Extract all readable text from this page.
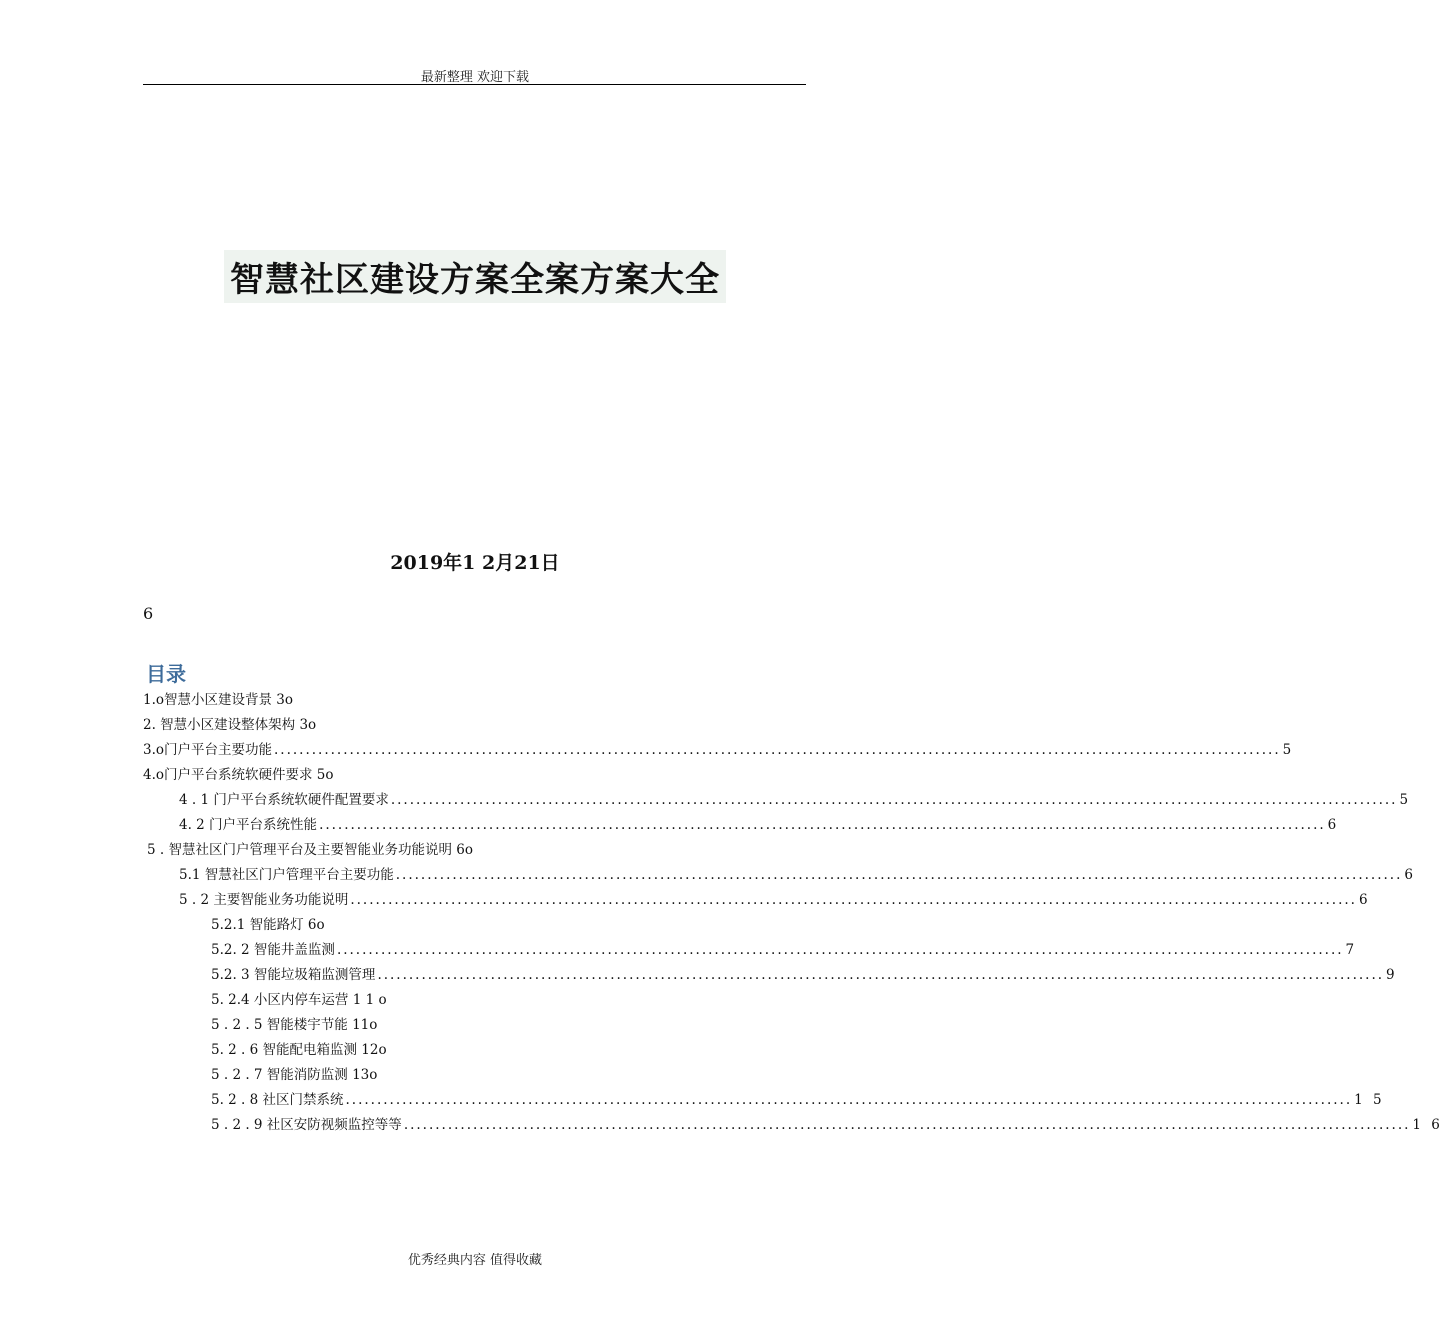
最新整理 欢迎下载
智慧社区建设方案全案方案大全
2019年1 2月21日
6
目录
1.ο智慧小区建设背景 3ο
2. 智慧小区建设整体架构 3ο
3.ο门户平台主要功能 ................................................................................................................................................................ 5
4.ο门户平台系统软硬件要求 5ο
4 . 1 门户平台系统软硬件配置要求 ................................................................................................................................................................ 5
4. 2 门户平台系统性能 ................................................................................................................................................................ 6
5 . 智慧社区门户管理平台及主要智能业务功能说明 6ο
5.1 智慧社区门户管理平台主要功能 ................................................................................................................................................................ 6
5 . 2 主要智能业务功能说明 ................................................................................................................................................................ 6
5.2.1 智能路灯 6ο
5.2. 2 智能井盖监测 ................................................................................................................................................................ 7
5.2. 3 智能垃圾箱监测管理 ................................................................................................................................................................ 9
5. 2.4 小区内停车运营 1 1 ο
5 . 2 . 5 智能楼宇节能 11ο
5. 2 . 6 智能配电箱监测 12ο
5 . 2 . 7 智能消防监测 13ο
5. 2 . 8 社区门禁系统 ................................................................................................................................................................ 1 5
5 . 2 . 9 社区安防视频监控等等 ................................................................................................................................................................ 1 6
优秀经典内容 值得收藏
